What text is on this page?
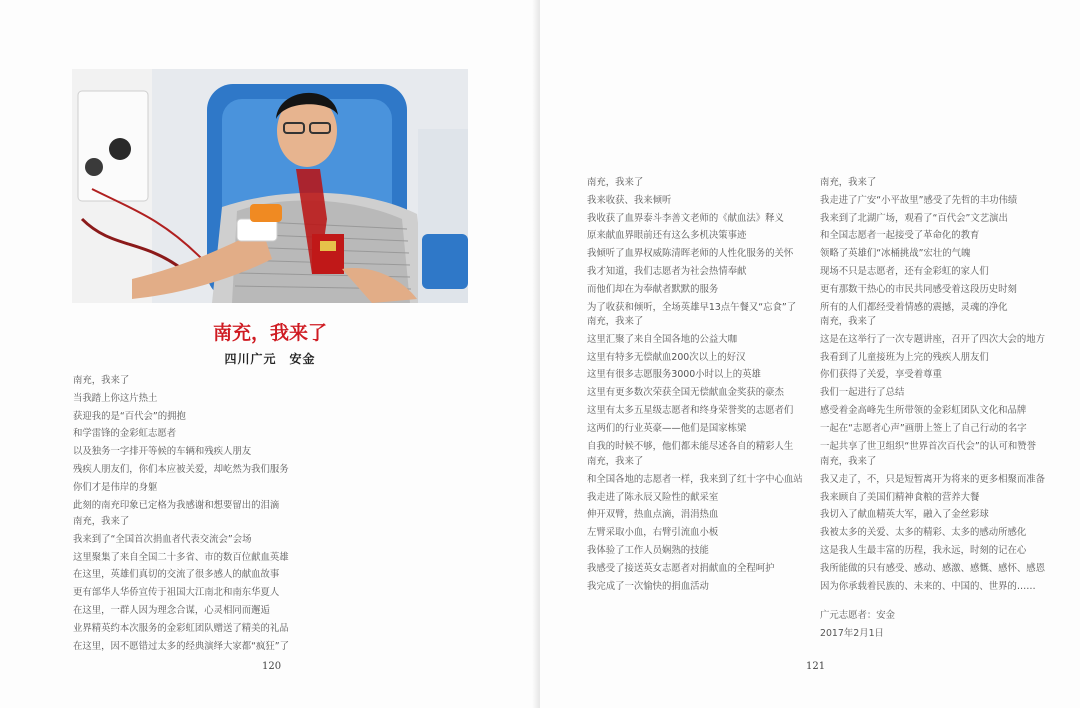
南充，我来了
四川广元　安金
南充，我来了
当我踏上你这片热土
获迎我的是“百代会”的拥抱
和学雷锋的金彩虹志愿者
以及独务一字排开等候的车辆和残疾人朋友
残疾人朋友们，你们本应被关爱，却屹然为我们服务
你们才是伟岸的身躯
此刻的南充印象已定格为我感谢和想要留出的泪滴
南充，我来了
我来到了“全国首次捐血者代表交流会”会场
这里聚集了来自全国二十多省、市的数百位献血英雄
在这里，英雄们真切的交流了很多感人的献血故事
更有部华人华侨宣传于祖国大江南北和南东华夏人
在这里，一群人因为理念合谋，心灵相同而邂逅
业界精英约本次服务的金彩虹团队赠送了精美的礼品
在这里，因不愿错过太多的经典演绎大家都“疯狂”了
120
南充，我来了
我来收获、我来倾听
我收获了血界泰斗李善文老师的《献血法》释义
原来献血界眼前还有这么多机决策事迹
我倾听了血界权威陈清晖老师的人性化服务的关怀
我才知道，我们志愿者为社会热情奉献
而他们却在为奉献者默默的服务
为了收获和倾听，全场英雄早13点午餐又“忘食”了
南充，我来了
这里汇聚了来自全国各地的公益大咖
这里有特多无偿献血200次以上的好汉
这里有很多志愿服务3000小时以上的英雄
这里有更多数次荣获全国无偿献血金奖获的豪杰
这里有太多五星级志愿者和终身荣誉奖的志愿者们
这两们的行业英豪——他们是国家栋梁
自我的时候不够，他们都未能尽述各自的精彩人生
南充，我来了
和全国各地的志愿者一样，我来到了红十字中心血站
我走进了陈永辰又险性的献采室
伸开双臂，热血点滴，涓涓热血
左臂采取小血，右臂引流血小板
我体验了工作人员娴熟的技能
我感受了接送英女志愿者对捐献血的全程呵护
我完成了一次愉快的捐血活动
南充，我来了
我走进了广安“小平故里”感受了先哲的丰功伟绩
我来到了北湖广场，观看了“百代会”文艺演出
和全国志愿者一起接受了革命化的教育
领略了英雄们“冰桶挑战”宏壮的气魄
现场不只是志愿者，还有金彩虹的家人们
更有那数干热心的市民共同感受着这段历史时刻
所有的人们都经受着情感的震撼，灵魂的净化
南充，我来了
这是在这举行了一次专题讲座，召开了四次大会的地方
我看到了儿童接班为上完的残疾人朋友们
你们获得了关爱，享受着尊重
我们一起进行了总结
感受着金高峰先生所带领的金彩虹团队文化和品牌
一起在“志愿者心声”画册上签上了自己行动的名字
一起共享了世卫组织“世界首次百代会”的认可和赞誉
南充，我来了
我又走了，不，只是短暂离开为将来的更多相聚而准备
我来顾自了美国们精神食粮的营养大餐
我切入了献血精英大军，融入了金丝彩球
我被太多的关爱、太多的精彩、太多的感动所感化
这是我人生最丰富的历程，我永远，时刻的记在心
我所能做的只有感受、感动、感激、感慨、感怀、感恩
因为你承载着民族的、未来的、中国的、世界的……
广元志愿者：安金
2017年2月1日
121
